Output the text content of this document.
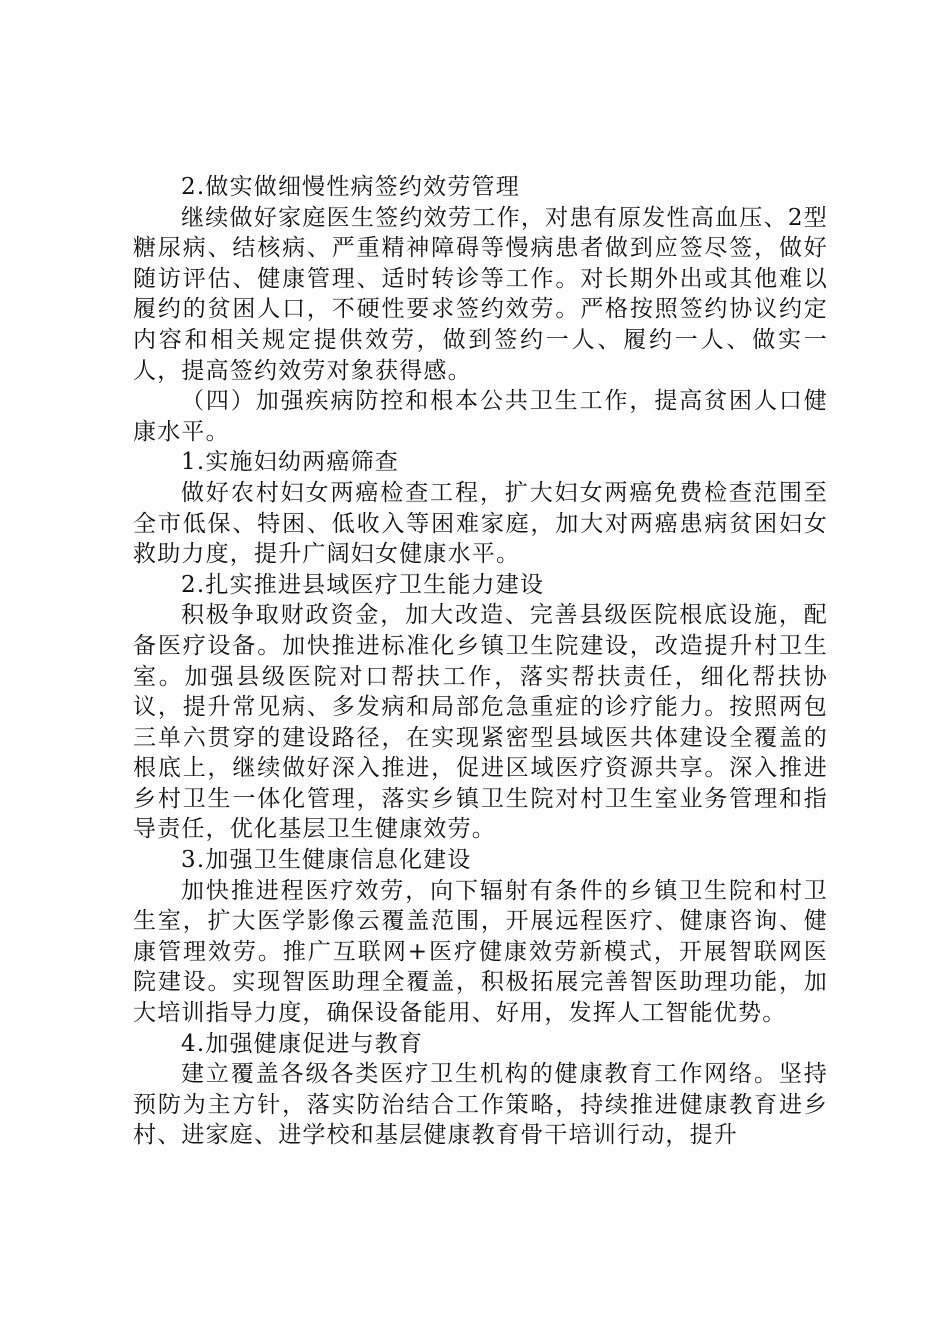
2.做实做细慢性病签约效劳管理

继续做好家庭医生签约效劳工作，对患有原发性高血压、2型糖尿病、结核病、严重精神障碍等慢病患者做到应签尽签，做好随访评估、健康管理、适时转诊等工作。对长期外出或其他难以履约的贫困人口，不硬性要求签约效劳。严格按照签约协议约定内容和相关规定提供效劳，做到签约一人、履约一人、做实一人，提高签约效劳对象获得感。

（四）加强疾病防控和根本公共卫生工作，提高贫困人口健康水平。

1.实施妇幼两癌筛查

做好农村妇女两癌检查工程，扩大妇女两癌免费检查范围至全市低保、特困、低收入等困难家庭，加大对两癌患病贫困妇女救助力度，提升广阔妇女健康水平。

2.扎实推进县域医疗卫生能力建设

积极争取财政资金，加大改造、完善县级医院根底设施，配备医疗设备。加快推进标准化乡镇卫生院建设，改造提升村卫生室。加强县级医院对口帮扶工作，落实帮扶责任，细化帮扶协议，提升常见病、多发病和局部危急重症的诊疗能力。按照两包三单六贯穿的建设路径，在实现紧密型县域医共体建设全覆盖的根底上，继续做好深入推进，促进区域医疗资源共享。深入推进乡村卫生一体化管理，落实乡镇卫生院对村卫生室业务管理和指导责任，优化基层卫生健康效劳。

3.加强卫生健康信息化建设

加快推进程医疗效劳，向下辐射有条件的乡镇卫生院和村卫生室，扩大医学影像云覆盖范围，开展远程医疗、健康咨询、健康管理效劳。推广互联网+医疗健康效劳新模式，开展智联网医院建设。实现智医助理全覆盖，积极拓展完善智医助理功能，加大培训指导力度，确保设备能用、好用，发挥人工智能优势。

4.加强健康促进与教育

建立覆盖各级各类医疗卫生机构的健康教育工作网络。坚持预防为主方针，落实防治结合工作策略，持续推进健康教育进乡村、进家庭、进学校和基层健康教育骨干培训行动，提升
